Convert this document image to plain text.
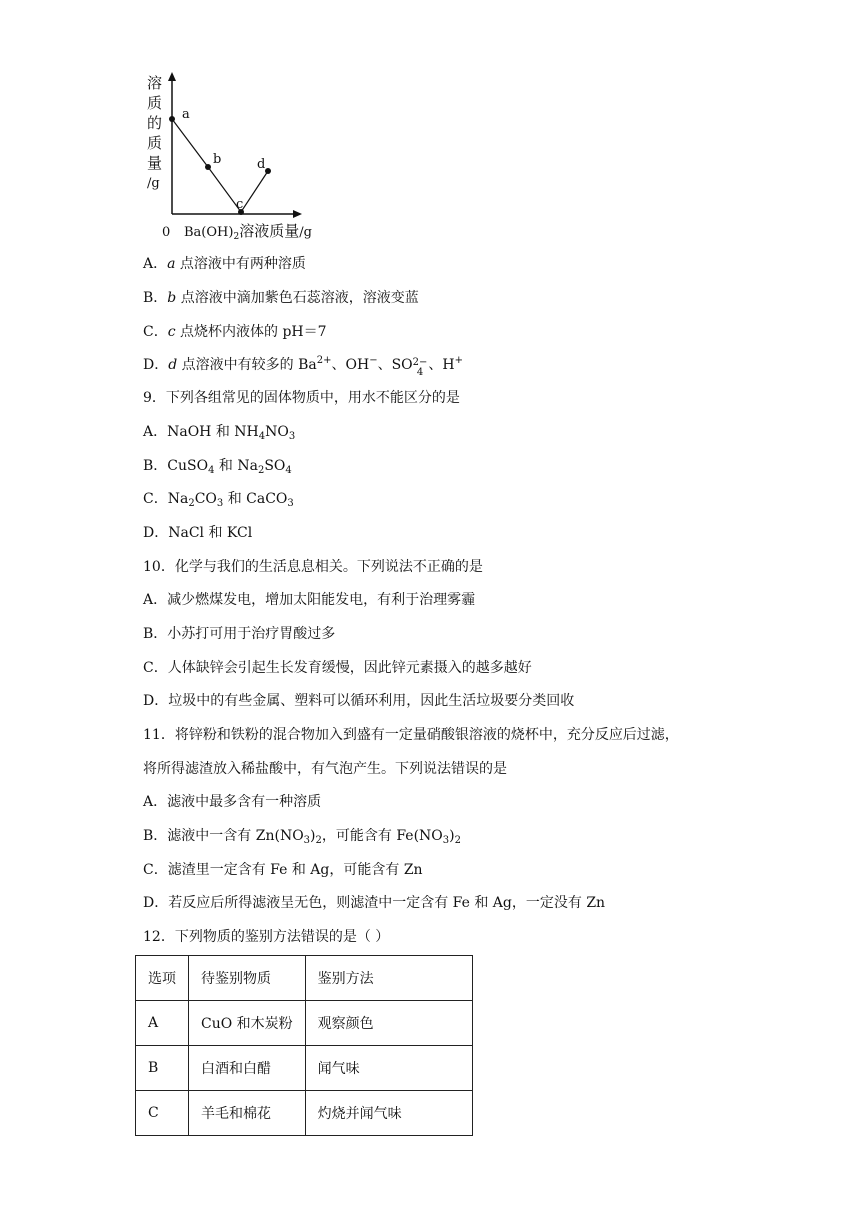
溶
质
的
质
量
/g
a
b
c
d
0 $Ba(OH)_2$溶液质量/g
A．a 点溶液中有两种溶质
B．b 点溶液中滴加紫色石蕊溶液，溶液变蓝
C．c 点烧杯内液体的 pH＝7
D．d 点溶液中有较多的 $Ba^{2+}$、OH−、SO 2−
4 、H+
9．下列各组常见的固体物质中，用水不能区分的是
A．NaOH 和 $NH_4NO_3$
B．CuSO$_4$ 和 $Na_2SO_4$
C．$Na_2CO_3$ 和 CaCO$_3$
D．NaCl 和 KCl
10．化学与我们的生活息息相关。下列说法不正确的是
A．减少燃煤发电，增加太阳能发电，有利于治理雾霾
B．小苏打可用于治疗胃酸过多
C．人体缺锌会引起生长发育缓慢，因此锌元素摄入的越多越好
D．垃圾中的有些金属、塑料可以循环利用，因此生活垃圾要分类回收
11．将锌粉和铁粉的混合物加入到盛有一定量硝酸银溶液的烧杯中，充分反应后过滤，
将所得滤渣放入稀盐酸中，有气泡产生。下列说法错误的是
A．滤液中最多含有一种溶质
B．滤液中一含有 $Zn(NO_3)_2$，可能含有 $Fe(NO_3)_2$
C．滤渣里一定含有 Fe 和 Ag，可能含有 Zn
D．若反应后所得滤液呈无色，则滤渣中一定含有 Fe 和 Ag，一定没有 Zn
12．下列物质的鉴别方法错误的是（ ）
选项	待鉴别物质	鉴别方法
A	CuO 和木炭粉	观察颜色
B	白酒和白醋	闻气味
C	羊毛和棉花	灼烧并闻气味
